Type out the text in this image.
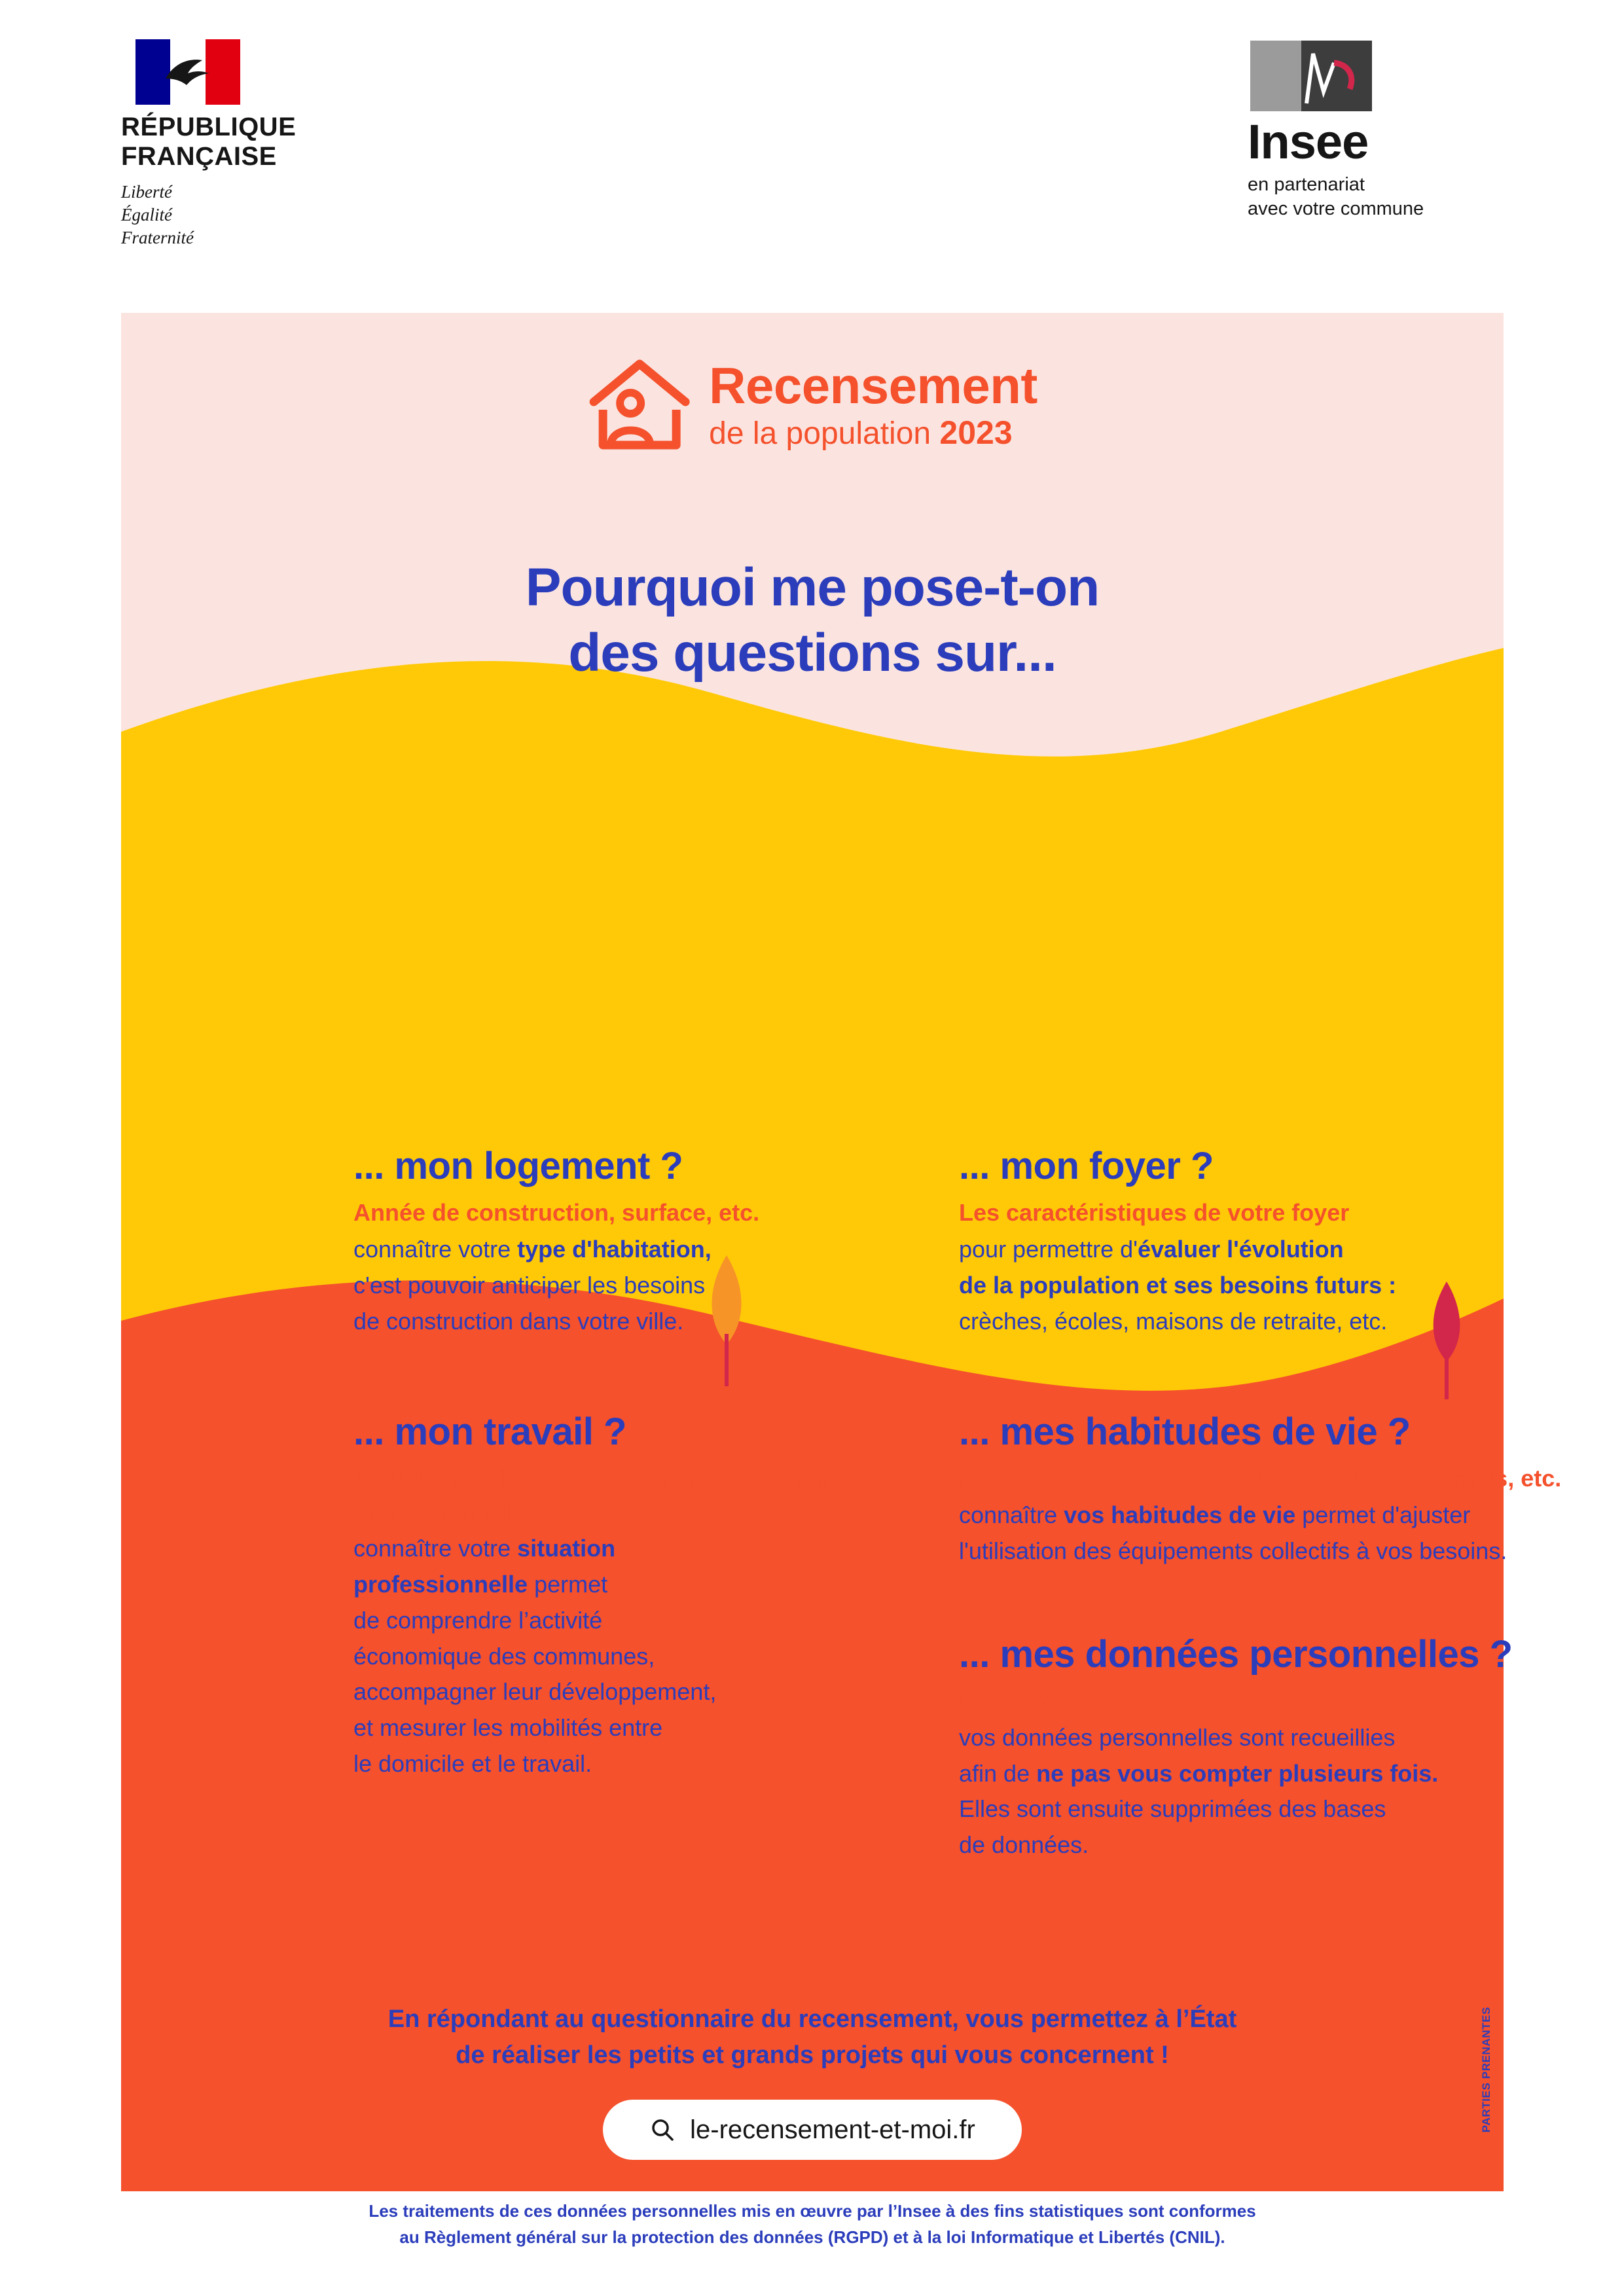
RÉPUBLIQUE
FRANÇAISE
Liberté
Égalité
Fraternité
Insee
en partenariat
avec votre commune
Recensement
de la population 2023
Pourquoi me pose-t-on
des questions sur...
... mon logement ?

Année de construction, surface, etc.

connaître votre type d'habitation,
c'est pouvoir anticiper les besoins
de construction dans votre ville.

... mon travail ?

Lieu de travail, secteur d’activité, situation professionnelle, etc.

connaître votre situation
professionnelle permet
de comprendre l’activité
économique des communes,
accompagner leur développement,
et mesurer les mobilités entre
le domicile et le travail.

... mon foyer ?

Les caractéristiques de votre foyer

pour permettre d'évaluer l'évolution
de la population et ses besoins futurs :
crèches, écoles, maisons de retraite, etc.

... mes habitudes de vie ?

Modes de transport, scolarisation de vos enfants, etc.

connaître vos habitudes de vie permet d'ajuster
l'utilisation des équipements collectifs à vos besoins.

... mes données personnelles ?

Nom, prénom, etc.

vos données personnelles sont recueillies
afin de ne pas vous compter plusieurs fois.
Elles sont ensuite supprimées des bases
de données.

En répondant au questionnaire du recensement, vous permettez à l’État
de réaliser les petits et grands projets qui vous concernent !
le-recensement-et-moi.fr
Les traitements de ces données personnelles mis en œuvre par l’Insee à des fins statistiques sont conformes
au Règlement général sur la protection des données (RGPD) et à la loi Informatique et Libertés (CNIL).
PARTIES PRENANTES
